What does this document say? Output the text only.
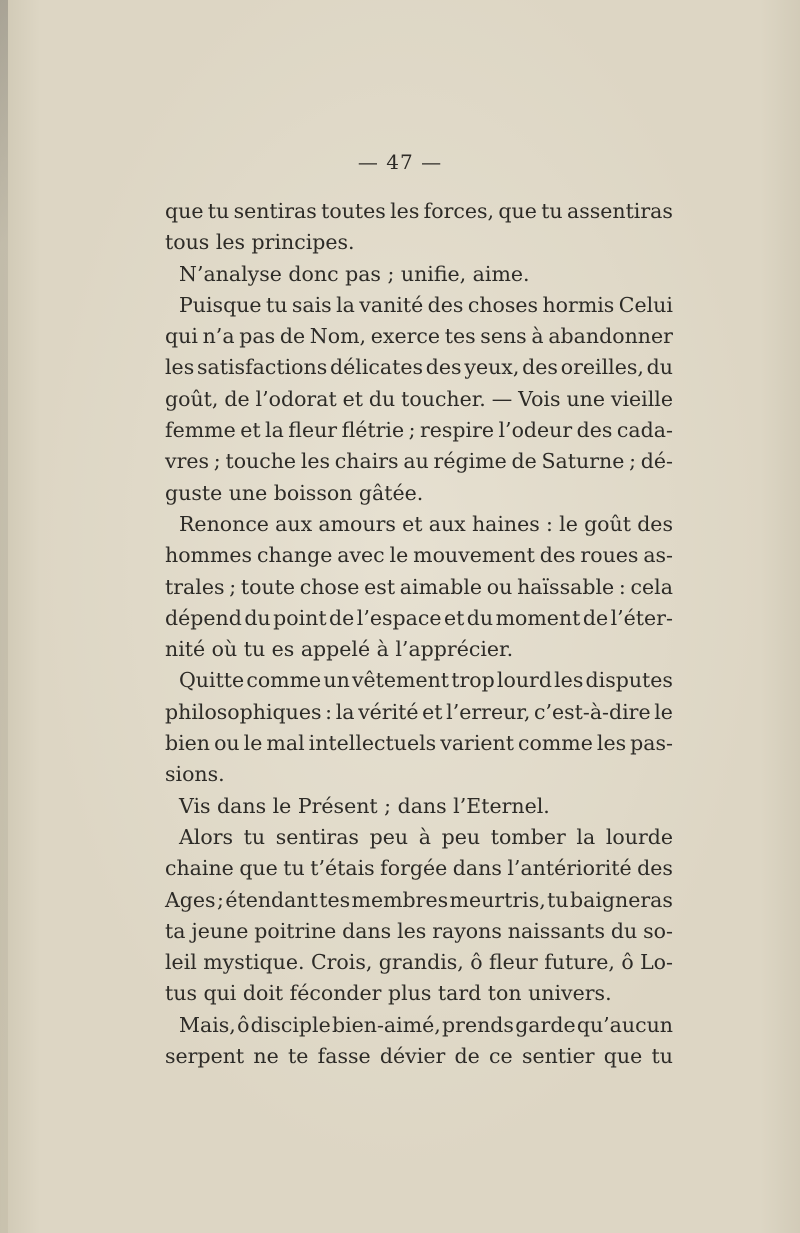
— 47 —
que tu sentiras toutes les forces, que tu assentiras
tous les principes.
N’analyse donc pas ; unifie, aime.
Puisque tu sais la vanité des choses hormis Celui
qui n’a pas de Nom, exerce tes sens à abandonner
les satisfactions délicates des yeux, des oreilles, du
goût, de l’odorat et du toucher. — Vois une vieille
femme et la fleur flétrie ; respire l’odeur des cada-
vres ; touche les chairs au régime de Saturne ; dé-
guste une boisson gâtée.
Renonce aux amours et aux haines : le goût des
hommes change avec le mouvement des roues as-
trales ; toute chose est aimable ou haïssable : cela
dépend du point de l’espace et du moment de l’éter-
nité où tu es appelé à l’apprécier.
Quitte comme un vêtement trop lourd les disputes
philosophiques : la vérité et l’erreur, c’est-à-dire le
bien ou le mal intellectuels varient comme les pas-
sions.
Vis dans le Présent ; dans l’Eternel.
Alors tu sentiras peu à peu tomber la lourde
chaine que tu t’étais forgée dans l’antériorité des
Ages ; étendant tes membres meurtris, tu baigneras
ta jeune poitrine dans les rayons naissants du so-
leil mystique. Crois, grandis, ô fleur future, ô Lo-
tus qui doit féconder plus tard ton univers.
Mais, ô disciple bien-aimé, prends garde qu’aucun
serpent ne te fasse dévier de ce sentier que tu
